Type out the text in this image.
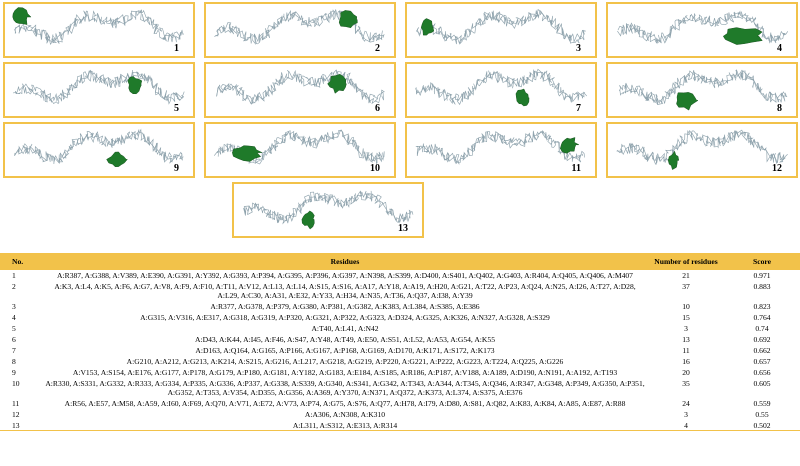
1	2	3	4
5	6	7	8
9	10	11	12
13
No.	Residues	Number of residues	Score
1	A:R387, A:G388, A:V389, A:E390, A:G391, A:Y392, A:G393, A:P394, A:G395, A:P396, A:G397, A:N398, A:S399, A:D400, A:S401, A:Q402, A:G403, A:R404, A:Q405, A:Q406, A:M407	21	0.971
2	A:K3, A:L4, A:K5, A:F6, A:G7, A:V8, A:F9, A:F10, A:T11, A:V12, A:L13, A:L14, A:S15, A:S16, A:A17, A:Y18, A:A19, A:H20, A:G21, A:T22, A:P23, A:Q24, A:N25, A:I26, A:T27, A:D28, A:L29, A:C30, A:A31, A:E32, A:Y33, A:H34, A:N35, A:T36, A:Q37, A:I38, A:Y39	37	0.883
3	A:R377, A:G378, A:P379, A:G380, A:P381, A:G382, A:K383, A:L384, A:S385, A:E386	10	0.823
4	A:G315, A:V316, A:E317, A:G318, A:G319, A:P320, A:G321, A:P322, A:G323, A:D324, A:G325, A:K326, A:N327, A:G328, A:S329	15	0.764
5	A:T40, A:L41, A:N42	3	0.74
6	A:D43, A:K44, A:I45, A:F46, A:S47, A:Y48, A:T49, A:E50, A:S51, A:L52, A:A53, A:G54, A:K55	13	0.692
7	A:D163, A:Q164, A:G165, A:P166, A:G167, A:P168, A:G169, A:D170, A:K171, A:S172, A:K173	11	0.662
8	A:G210, A:A212, A:G213, A:K214, A:S215, A:G216, A:L217, A:G218, A:G219, A:P220, A:G221, A:P222, A:G223, A:T224, A:Q225, A:G226	16	0.657
9	A:V153, A:S154, A:E176, A:G177, A:P178, A:G179, A:P180, A:G181, A:Y182, A:G183, A:E184, A:S185, A:R186, A:P187, A:V188, A:A189, A:D190, A:N191, A:A192, A:T193	20	0.656
10	A:R330, A:S331, A:G332, A:R333, A:G334, A:P335, A:G336, A:P337, A:G338, A:S339, A:G340, A:S341, A:G342, A:T343, A:A344, A:T345, A:Q346, A:R347, A:G348, A:P349, A:G350, A:P351, A:G352, A:T353, A:V354, A:D355, A:G356, A:A369, A:Y370, A:N371, A:Q372, A:K373, A:L374, A:S375, A:E376	35	0.605
11	A:R56, A:E57, A:M58, A:A59, A:I60, A:F69, A:Q70, A:V71, A:E72, A:V73, A:P74, A:G75, A:S76, A:Q77, A:H78, A:I79, A:D80, A:S81, A:Q82, A:K83, A:K84, A:A85, A:E87, A:R88	24	0.559
12	A:A306, A:N308, A:K310	3	0.55
13	A:L311, A:S312, A:E313, A:R314	4	0.502
